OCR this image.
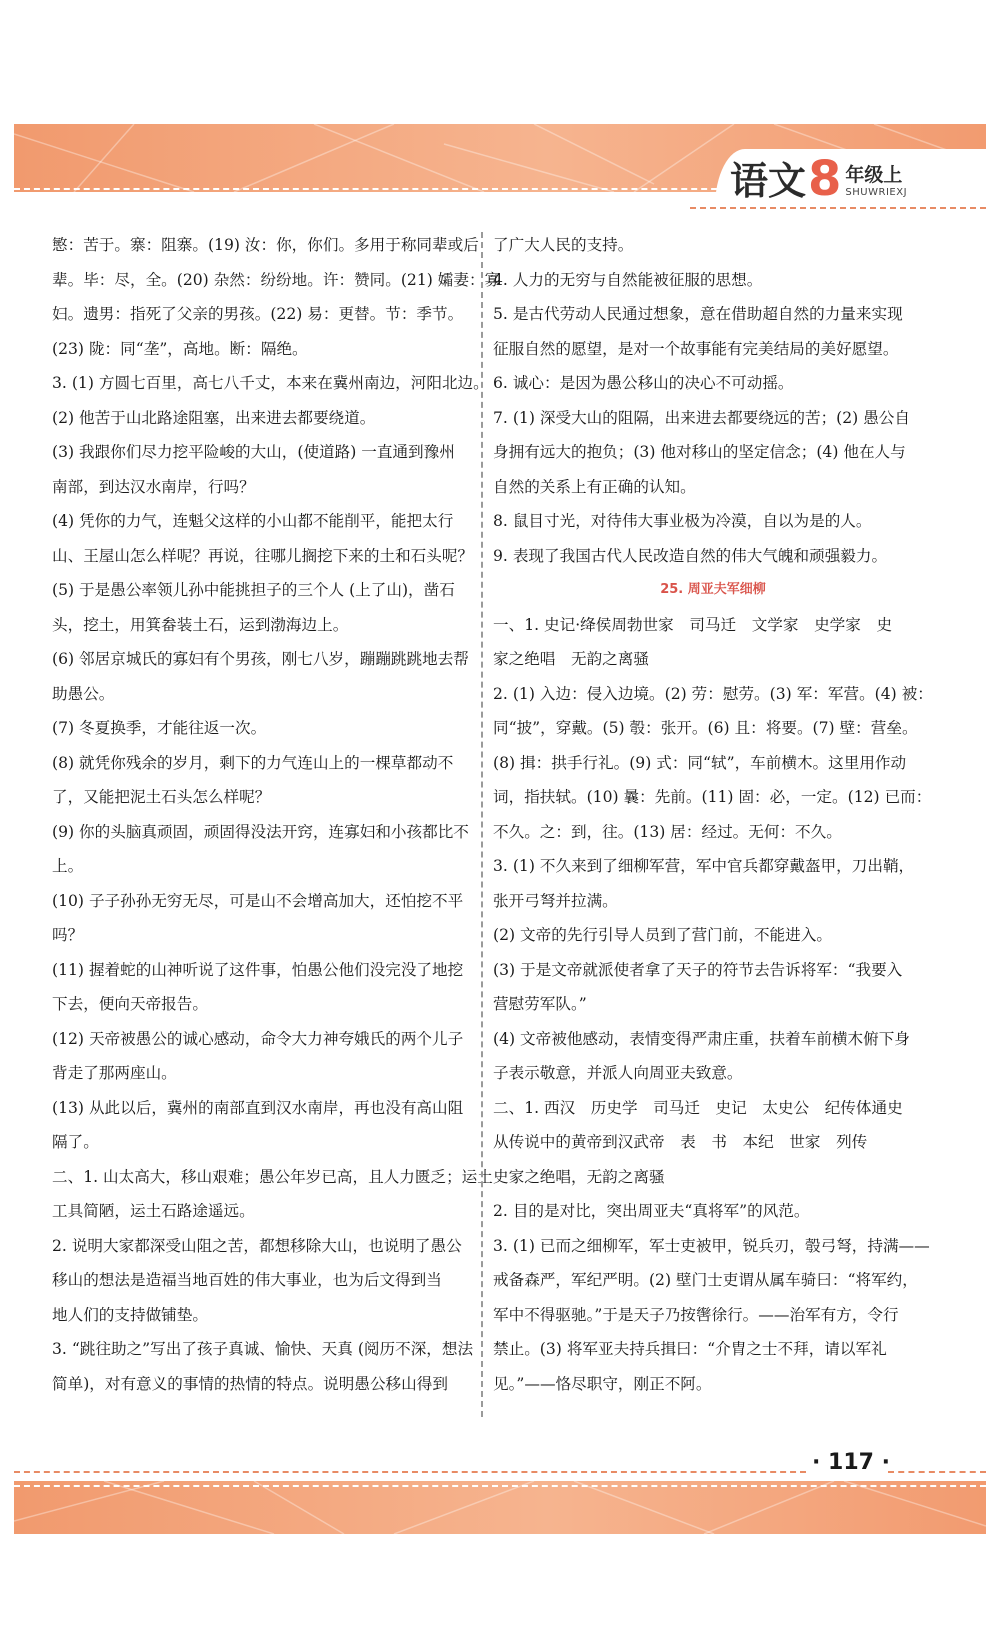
语文 8 年级上
SHUWRIEXJ
慜：苦于。寨：阻寨。(19) 汝：你，你们。多用于称同辈或后
辈。毕：尽，全。(20) 杂然：纷纷地。许：赞同。(21) 孀妻：寡
妇。遗男：指死了父亲的男孩。(22) 易：更替。节：季节。
(23) 陇：同“垄”，高地。断：隔绝。
3. (1) 方圆七百里，高七八千丈，本来在冀州南边，河阳北边。
(2) 他苦于山北路途阻塞，出来进去都要绕道。
(3) 我跟你们尽力挖平险峻的大山，(使道路) 一直通到豫州
南部，到达汉水南岸，行吗？
(4) 凭你的力气，连魁父这样的小山都不能削平，能把太行
山、王屋山怎么样呢？再说，往哪儿搁挖下来的土和石头呢？
(5) 于是愚公率领儿孙中能挑担子的三个人 (上了山)，凿石
头，挖土，用箕畚装土石，运到渤海边上。
(6) 邻居京城氏的寡妇有个男孩，刚七八岁，蹦蹦跳跳地去帮
助愚公。
(7) 冬夏换季，才能往返一次。
(8) 就凭你残余的岁月，剩下的力气连山上的一棵草都动不
了，又能把泥土石头怎么样呢？
(9) 你的头脑真顽固，顽固得没法开窍，连寡妇和小孩都比不
上。
(10) 子子孙孙无穷无尽，可是山不会增高加大，还怕挖不平
吗？
(11) 握着蛇的山神听说了这件事，怕愚公他们没完没了地挖
下去，便向天帝报告。
(12) 天帝被愚公的诚心感动，命令大力神夸娥氏的两个儿子
背走了那两座山。
(13) 从此以后，冀州的南部直到汉水南岸，再也没有高山阻
隔了。
二、1. 山太高大，移山艰难；愚公年岁已高，且人力匮乏；运土
工具简陋，运土石路途遥远。
2. 说明大家都深受山阻之苦，都想移除大山，也说明了愚公
移山的想法是造福当地百姓的伟大事业，也为后文得到当
地人们的支持做铺垫。
3. “跳往助之”写出了孩子真诚、愉快、天真 (阅历不深，想法
简单)，对有意义的事情的热情的特点。说明愚公移山得到
了广大人民的支持。
4. 人力的无穷与自然能被征服的思想。
5. 是古代劳动人民通过想象，意在借助超自然的力量来实现
征服自然的愿望，是对一个故事能有完美结局的美好愿望。
6. 诚心：是因为愚公移山的决心不可动摇。
7. (1) 深受大山的阻隔，出来进去都要绕远的苦；(2) 愚公自
身拥有远大的抱负；(3) 他对移山的坚定信念；(4) 他在人与
自然的关系上有正确的认知。
8. 鼠目寸光，对待伟大事业极为冷漠，自以为是的人。
9. 表现了我国古代人民改造自然的伟大气魄和顽强毅力。
25. 周亚夫军细柳
一、1. 史记·绛侯周勃世家　司马迁　文学家　史学家　史
家之绝唱　无韵之离骚
2. (1) 入边：侵入边境。(2) 劳：慰劳。(3) 军：军营。(4) 被：
同“披”，穿戴。(5) 彀：张开。(6) 且：将要。(7) 壁：营垒。
(8) 揖：拱手行礼。(9) 式：同“轼”，车前横木。这里用作动
词，指扶轼。(10) 曩：先前。(11) 固：必，一定。(12) 已而：
不久。之：到，往。(13) 居：经过。无何：不久。
3. (1) 不久来到了细柳军营，军中官兵都穿戴盔甲，刀出鞘，
张开弓弩并拉满。
(2) 文帝的先行引导人员到了营门前，不能进入。
(3) 于是文帝就派使者拿了天子的符节去告诉将军：“我要入
营慰劳军队。”
(4) 文帝被他感动，表情变得严肃庄重，扶着车前横木俯下身
子表示敬意，并派人向周亚夫致意。
二、1. 西汉　历史学　司马迁　史记　太史公　纪传体通史
从传说中的黄帝到汉武帝　表　书　本纪　世家　列传
史家之绝唱，无韵之离骚
2. 目的是对比，突出周亚夫“真将军”的风范。
3. (1) 已而之细柳军，军士吏被甲，锐兵刃，彀弓弩，持满——
戒备森严，军纪严明。(2) 壁门士吏谓从属车骑曰：“将军约，
军中不得驱驰。”于是天子乃按辔徐行。——治军有方，令行
禁止。(3) 将军亚夫持兵揖曰：“介胄之士不拜，请以军礼
见。”——恪尽职守，刚正不阿。
· 117 ·
